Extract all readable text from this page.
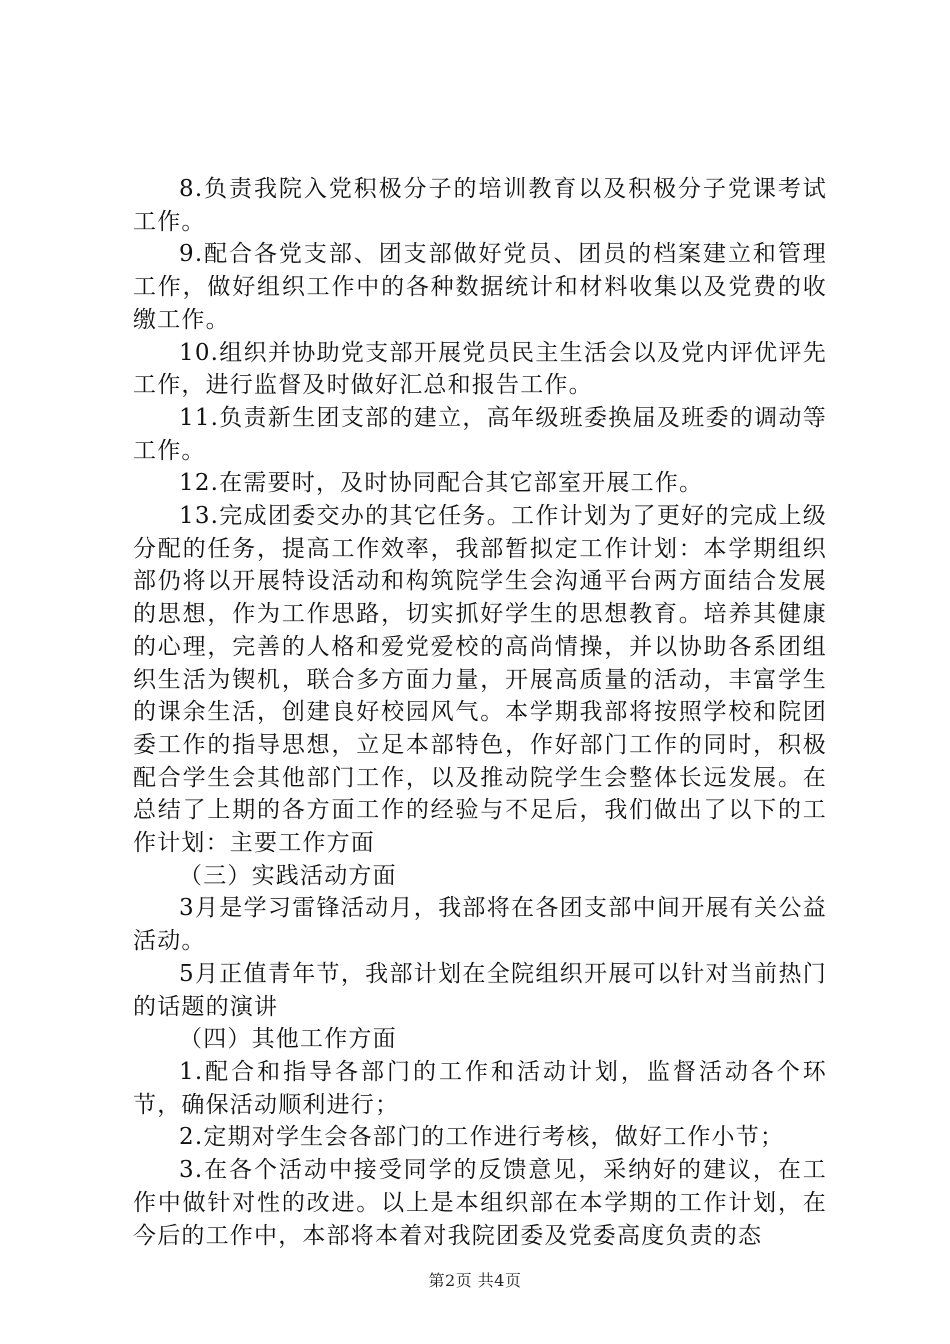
8.负责我院入党积极分子的培训教育以及积极分子党课考试工作。

9.配合各党支部、团支部做好党员、团员的档案建立和管理工作，做好组织工作中的各种数据统计和材料收集以及党费的收缴工作。

10.组织并协助党支部开展党员民主生活会以及党内评优评先工作，进行监督及时做好汇总和报告工作。

11.负责新生团支部的建立，高年级班委换届及班委的调动等工作。

12.在需要时，及时协同配合其它部室开展工作。

13.完成团委交办的其它任务。工作计划为了更好的完成上级分配的任务，提高工作效率，我部暂拟定工作计划：本学期组织部仍将以开展特设活动和构筑院学生会沟通平台两方面结合发展的思想，作为工作思路，切实抓好学生的思想教育。培养其健康的心理，完善的人格和爱党爱校的高尚情操，并以协助各系团组织生活为锲机，联合多方面力量，开展高质量的活动，丰富学生的课余生活，创建良好校园风气。本学期我部将按照学校和院团委工作的指导思想，立足本部特色，作好部门工作的同时，积极配合学生会其他部门工作，以及推动院学生会整体长远发展。在总结了上期的各方面工作的经验与不足后，我们做出了以下的工作计划：主要工作方面

（三）实践活动方面

3月是学习雷锋活动月，我部将在各团支部中间开展有关公益活动。

5月正值青年节，我部计划在全院组织开展可以针对当前热门的话题的演讲

（四）其他工作方面

1.配合和指导各部门的工作和活动计划，监督活动各个环节，确保活动顺利进行；

2.定期对学生会各部门的工作进行考核，做好工作小节；

3.在各个活动中接受同学的反馈意见，采纳好的建议，在工作中做针对性的改进。以上是本组织部在本学期的工作计划，在今后的工作中，本部将本着对我院团委及党委高度负责的态

第2页 共4页
